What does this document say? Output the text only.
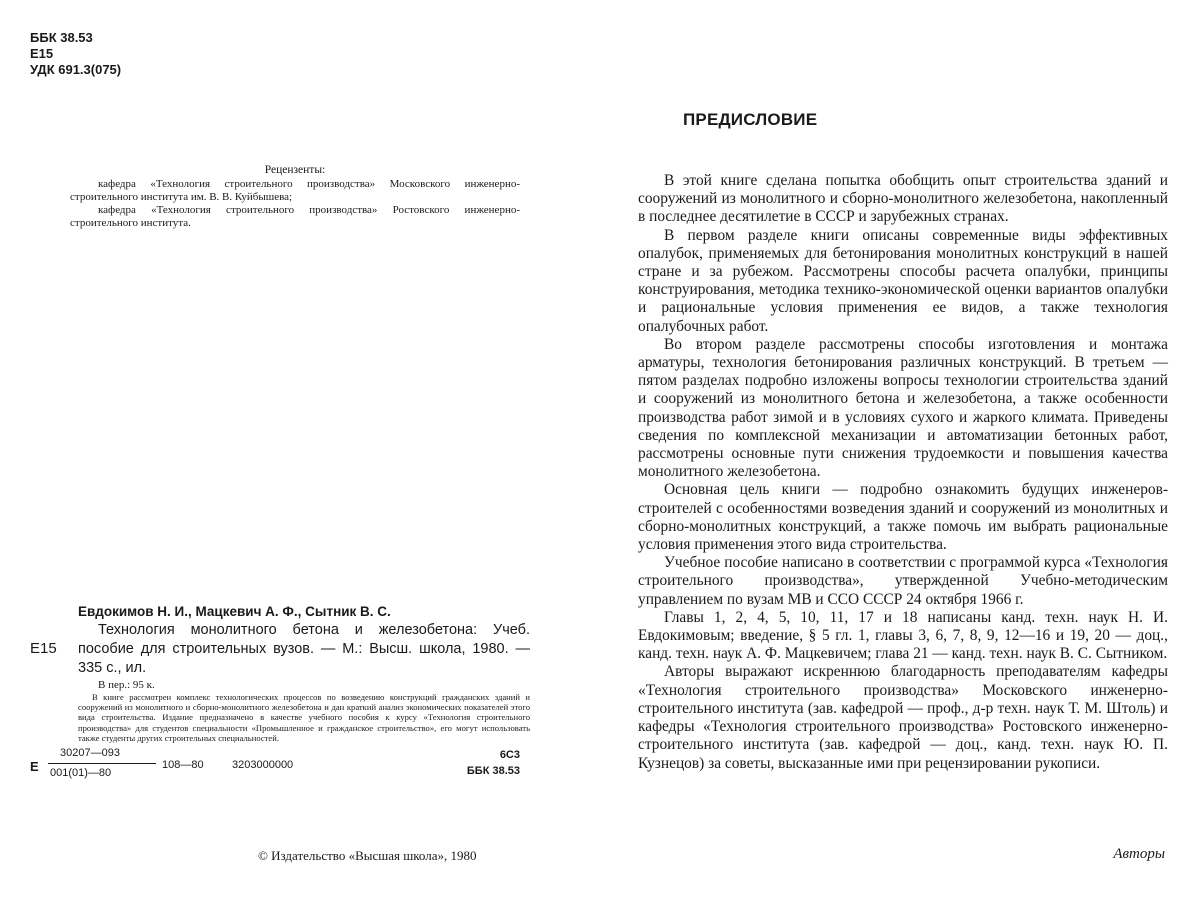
ББК 38.53
Е15
УДК 691.3(075)
Рецензенты:

кафедра «Технология строительного производства» Московского инженерно-строительного института им. В. В. Куйбышева;

кафедра «Технология строительного производства» Ростовского инженерно-строительного института.

Евдокимов Н. И., Мацкевич А. Ф., Сытник В. С.
Е15
Технология монолитного бетона и железобетона: Учеб. пособие для строительных вузов. — М.: Высш. школа, 1980. — 335 с., ил.
В пер.: 95 к.
В книге рассмотрен комплекс технологических процессов по возведению конструкций гражданских зданий и сооружений из монолитного и сборно-монолитного железобетона и дан краткий анализ экономических показателей этого вида строительства. Издание предназначено в качестве учебного пособия к курсу «Технология строительного производства» для студентов специальности «Промышленное и гражданское строительство», его могут использовать также студенты других строительных специальностей.
Е
30207—093
001(01)—80
108—80	3203000000
6С3
ББК 38.53
© Издательство «Высшая школа», 1980
ПРЕДИСЛОВИЕ

В этой книге сделана попытка обобщить опыт строительства зданий и сооружений из монолитного и сборно-монолитного железобетона, накопленный в последнее десятилетие в СССР и зарубежных странах.

В первом разделе книги описаны современные виды эффективных опалубок, применяемых для бетонирования монолитных конструкций в нашей стране и за рубежом. Рассмотрены способы расчета опалубки, принципы конструирования, методика технико-экономической оценки вариантов опалубки и рациональные условия применения ее видов, а также технология опалубочных работ.

Во втором разделе рассмотрены способы изготовления и монтажа арматуры, технология бетонирования различных конструкций. В третьем — пятом разделах подробно изложены вопросы технологии строительства зданий и сооружений из монолитного бетона и железобетона, а также особенности производства работ зимой и в условиях сухого и жаркого климата. Приведены сведения по комплексной механизации и автоматизации бетонных работ, рассмотрены основные пути снижения трудоемкости и повышения качества монолитного железобетона.

Основная цель книги — подробно ознакомить будущих инженеров-строителей с особенностями возведения зданий и сооружений из монолитных и сборно-монолитных конструкций, а также помочь им выбрать рациональные условия применения этого вида строительства.

Учебное пособие написано в соответствии с программой курса «Технология строительного производства», утвержденной Учебно-методическим управлением по вузам МВ и ССО СССР 24 октября 1966 г.

Главы 1, 2, 4, 5, 10, 11, 17 и 18 написаны канд. техн. наук Н. И. Евдокимовым; введение, § 5 гл. 1, главы 3, 6, 7, 8, 9, 12—16 и 19, 20 — доц., канд. техн. наук А. Ф. Мацкевичем; глава 21 — канд. техн. наук В. С. Сытником.

Авторы выражают искреннюю благодарность преподавателям кафедры «Технология строительного производства» Московского инженерно-строительного института (зав. кафедрой — проф., д-р техн. наук Т. М. Штоль) и кафедры «Технология строительного производства» Ростовского инженерно-строительного института (зав. кафедрой — доц., канд. техн. наук Ю. П. Кузнецов) за советы, высказанные ими при рецензировании рукописи.

Авторы
